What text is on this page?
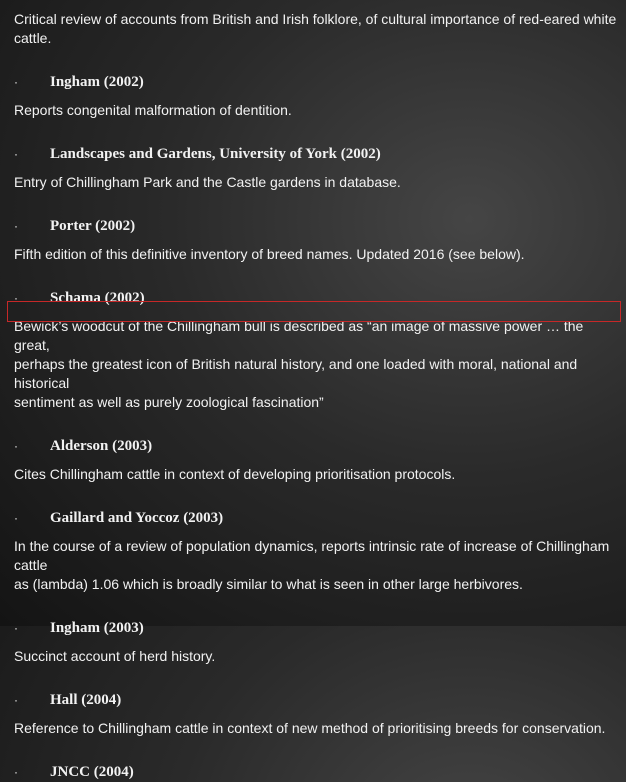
Critical review of accounts from British and Irish folklore, of cultural importance of red-eared white cattle.

·	Ingham (2002)

Reports congenital malformation of dentition.

·	Landscapes and Gardens, University of York (2002)

Entry of Chillingham Park and the Castle gardens in database.

·	Porter (2002)

Fifth edition of this definitive inventory of breed names. Updated 2016 (see below).

·	Schama (2002)
Bewick’s woodcut of the Chillingham bull is described as “an image of massive power … the great,
perhaps the greatest icon of British natural history, and one loaded with moral, national and historical
sentiment as well as purely zoological fascination”
·	Alderson (2003)

Cites Chillingham cattle in context of developing prioritisation protocols.

·	Gaillard and Yoccoz (2003)
In the course of a review of population dynamics, reports intrinsic rate of increase of Chillingham cattle
as (lambda) 1.06 which is broadly similar to what is seen in other large herbivores.
·	Ingham (2003)

Succinct account of herd history.

·	Hall (2004)

Reference to Chillingham cattle in context of new method of prioritising breeds for conservation.

·	JNCC (2004)
